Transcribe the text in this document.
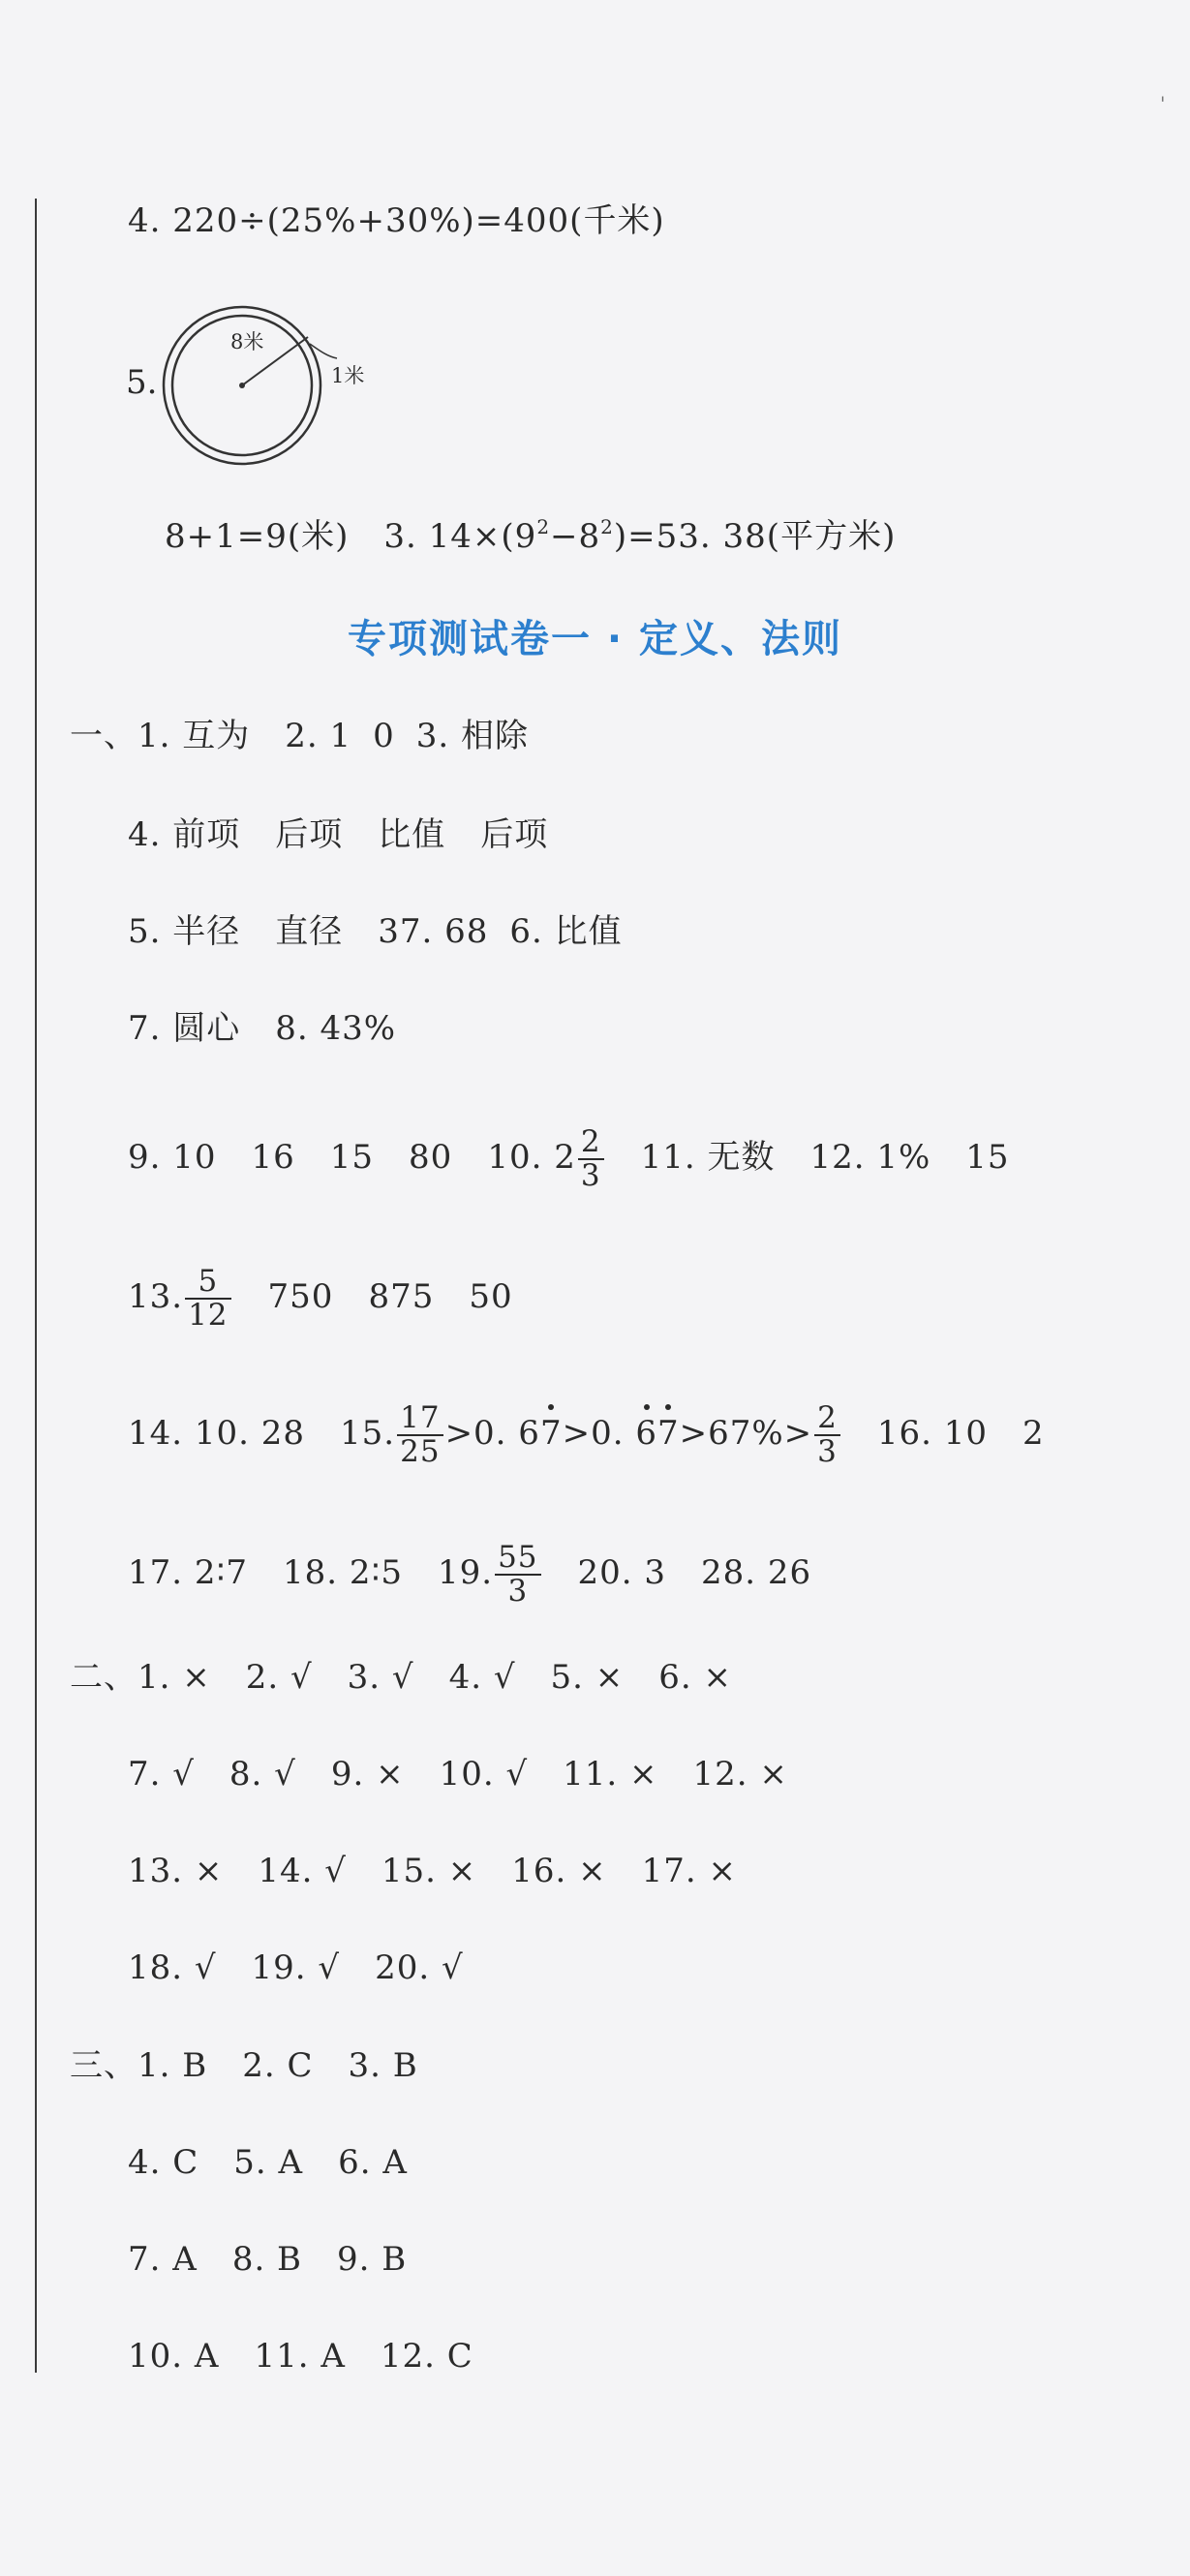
'
4. 220÷(25%+30%)=400(千米)
5.
8米
1米
8+1=9(米) 3. $14\times(9^2-8^2)=53$. 38(平方米)
专项测试卷一 · 定义、法则
一、1. 互为 2. 1 0 3. 相除
4. 前项 后项 比值 后项
5. 半径 直径 37. 68 6. 比值
7. 圆心 8. 43%
9. 10 16 15 80 10. $2 \frac{2}{3} 11$. 无数 12. 1% 15
13. $\frac{5}{12} 750$ 875 50
14. 10. 28 15. $\frac{17}{25} >0$. 67>0. $67>67\%> \frac{2}{3} 16$. 10 2
17. 2∶7 18. 2∶5 19. $\frac{55}{3} 20$. 3 28. 26
二、1. × 2. √ 3. √ 4. √ 5. × 6. ×
7. √ 8. √ 9. × 10. √ 11. × 12. ×
13. × 14. √ 15. × 16. × 17. ×
18. √ 19. √ 20. √
三、1. B 2. C 3. B
4. C 5. A 6. A
7. A 8. B 9. B
10. A 11. A 12. C
